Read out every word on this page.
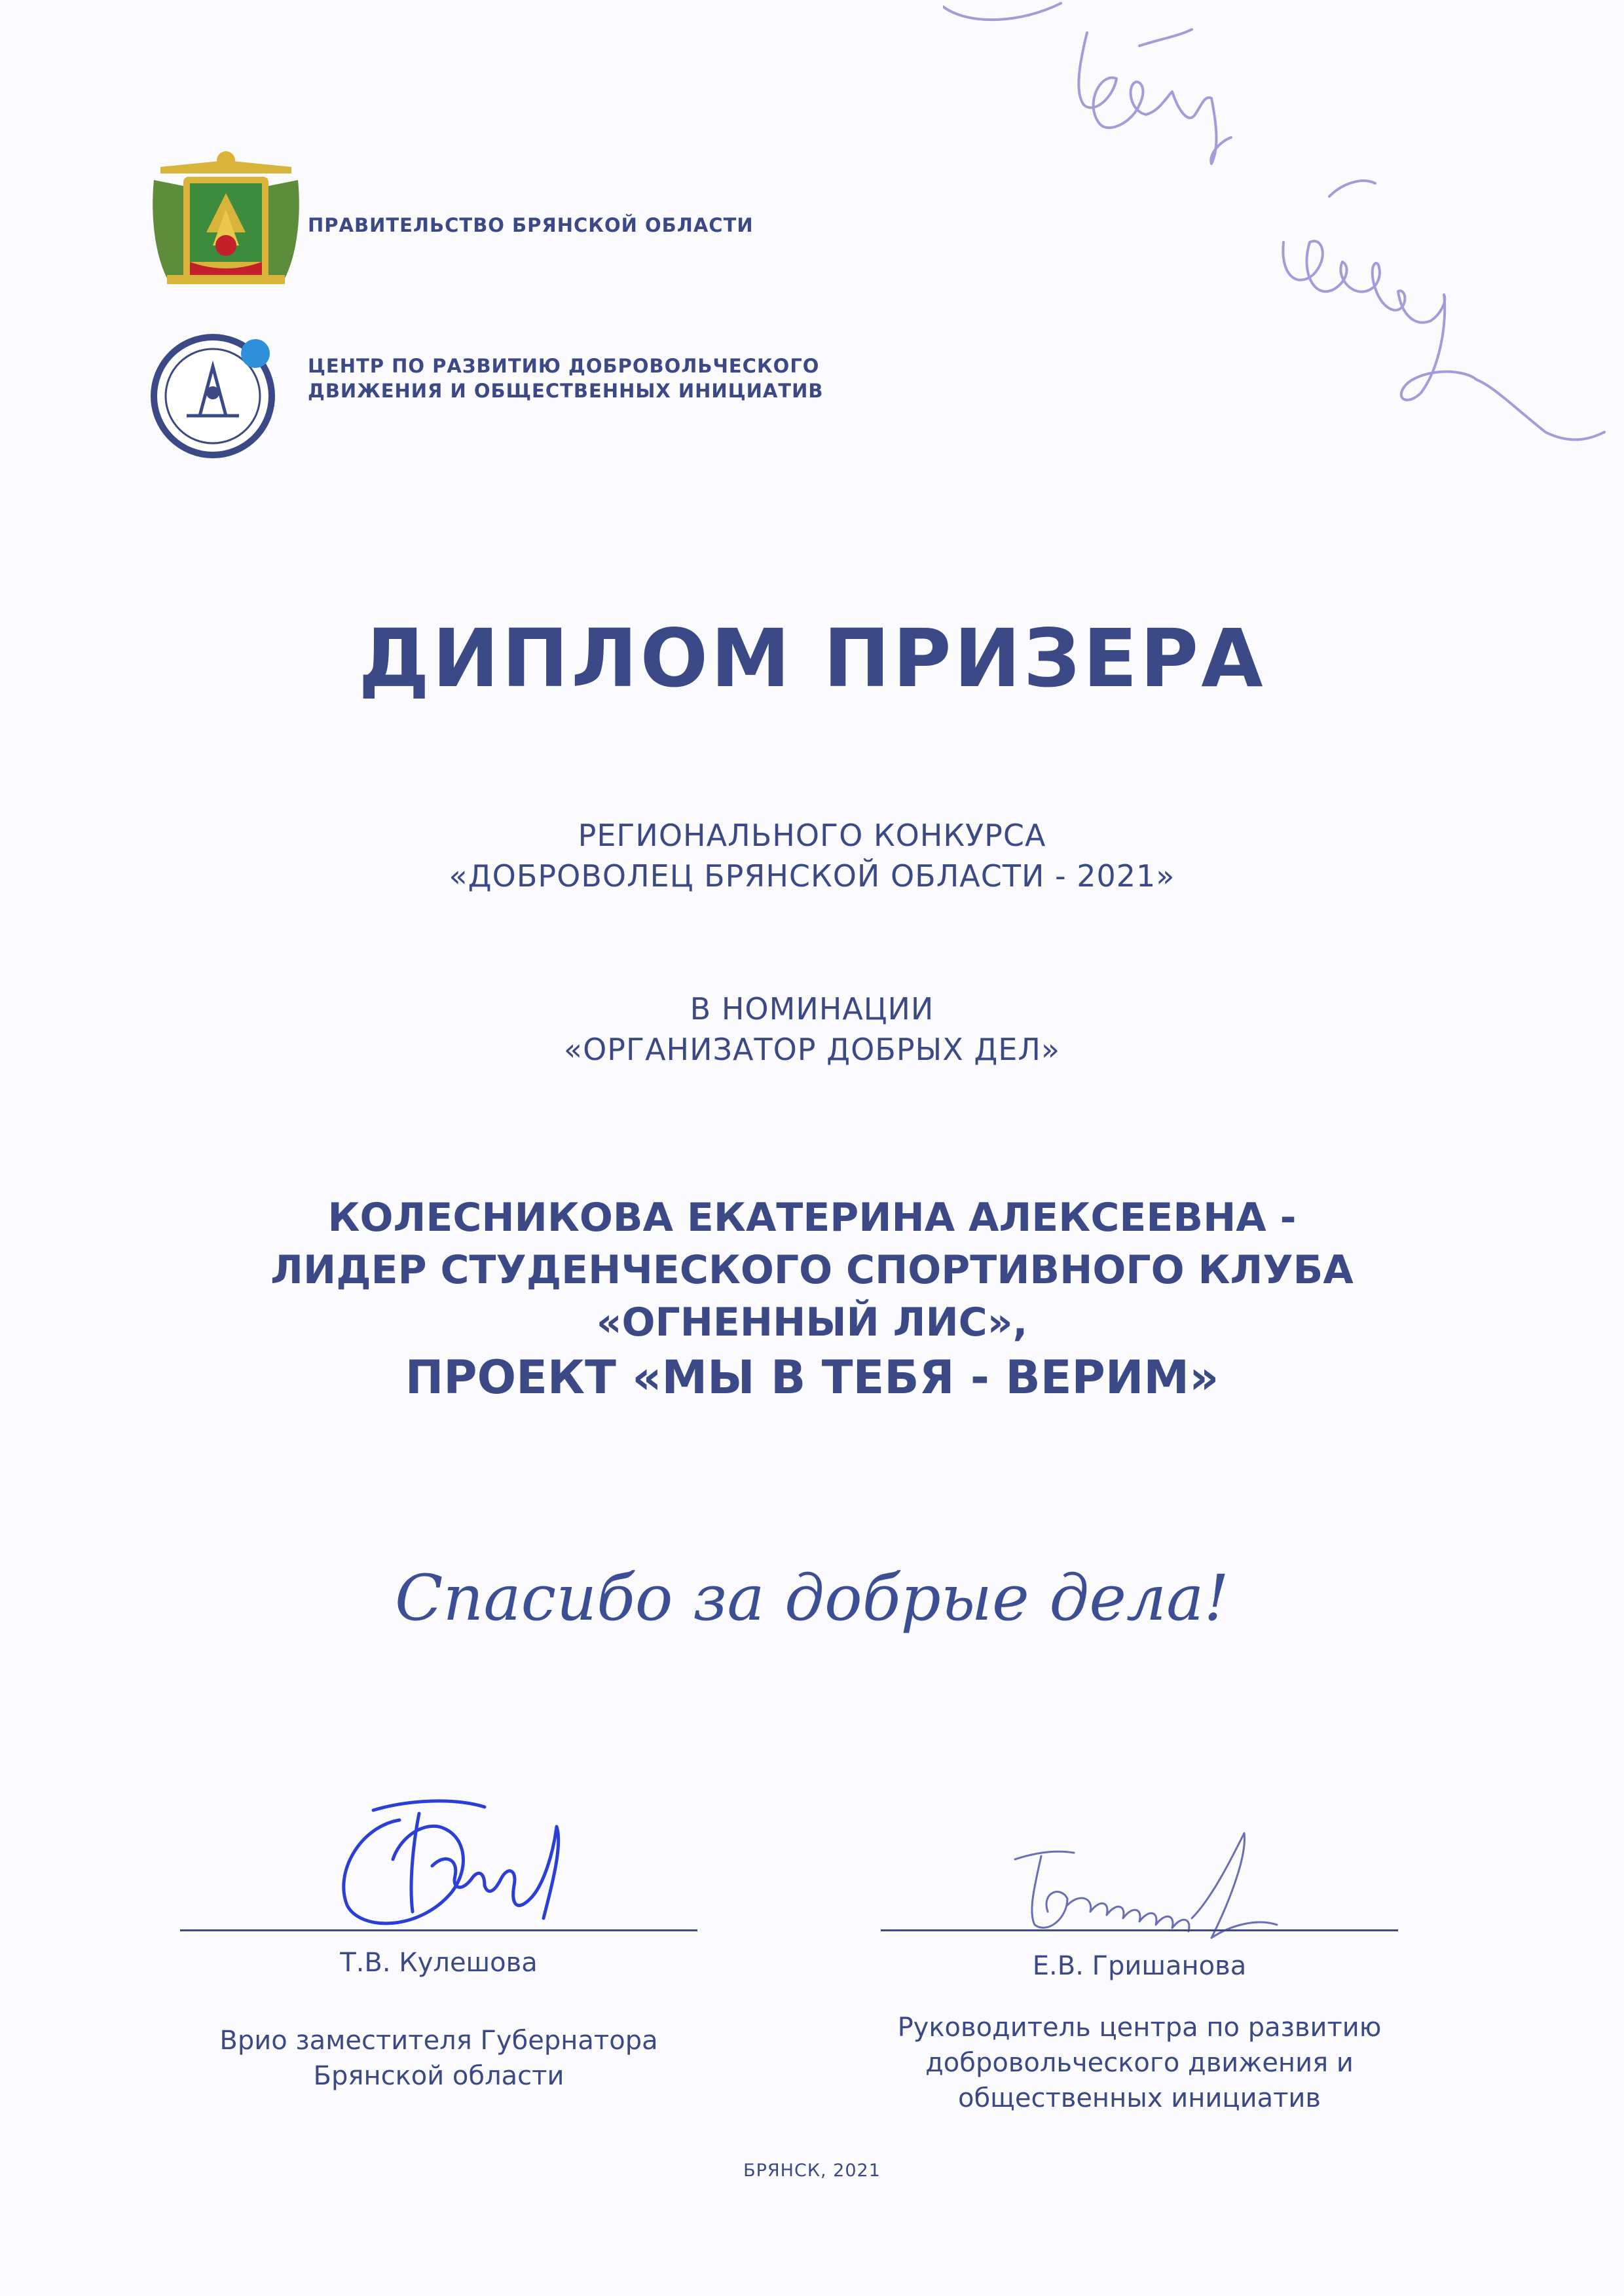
ПРАВИТЕЛЬСТВО БРЯНСКОЙ ОБЛАСТИ
ЦЕНТР ПО РАЗВИТИЮ ДОБРОВОЛЬЧЕСКОГО
ДВИЖЕНИЯ И ОБЩЕСТВЕННЫХ ИНИЦИАТИВ
ДИПЛОМ ПРИЗЕРА
РЕГИОНАЛЬНОГО КОНКУРСА
«ДОБРОВОЛЕЦ БРЯНСКОЙ ОБЛАСТИ - 2021»
В НОМИНАЦИИ
«ОРГАНИЗАТОР ДОБРЫХ ДЕЛ»
КОЛЕСНИКОВА ЕКАТЕРИНА АЛЕКСЕЕВНА -
ЛИДЕР СТУДЕНЧЕСКОГО СПОРТИВНОГО КЛУБА
«ОГНЕННЫЙ ЛИС»,
ПРОЕКТ «МЫ В ТЕБЯ - ВЕРИМ»
Спасибо за добрые дела!
Т.В. Кулешова
Врио заместителя Губернатора
Брянской области
Е.В. Гришанова
Руководитель центра по развитию
добровольческого движения и
общественных инициатив
БРЯНСК, 2021
